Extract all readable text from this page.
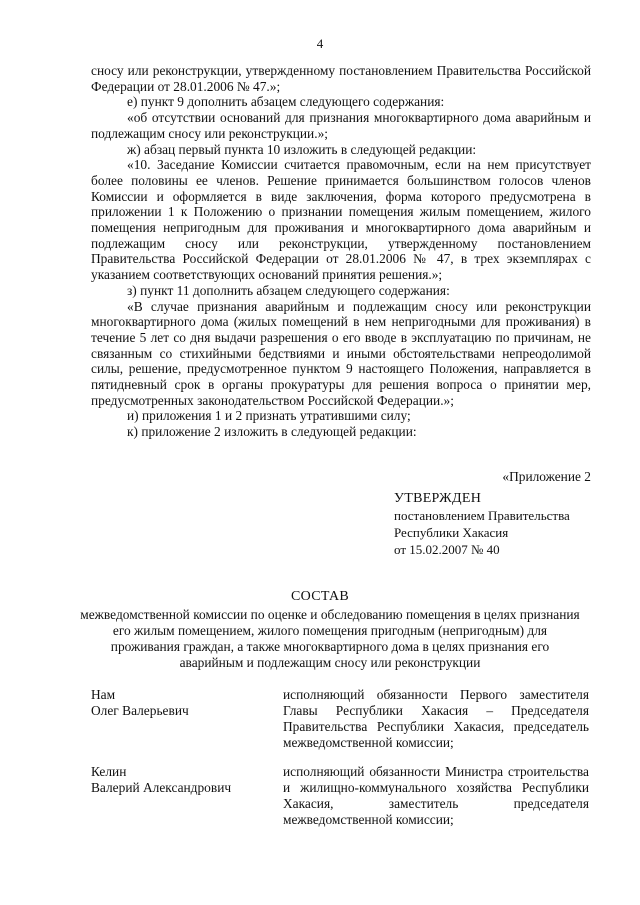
4

сносу или реконструкции, утвержденному постановлением Правительства Российской Федерации от 28.01.2006 № 47.»;

е) пункт 9 дополнить абзацем следующего содержания:

«об отсутствии оснований для признания многоквартирного дома аварийным и подлежащим сносу или реконструкции.»;

ж) абзац первый пункта 10 изложить в следующей редакции:

«10. Заседание Комиссии считается правомочным, если на нем присутствует более половины ее членов. Решение принимается большинством голосов членов Комиссии и оформляется в виде заключения, форма которого предусмотрена в приложении 1 к Положению о признании помещения жилым помещением, жилого помещения непригодным для проживания и многоквартирного дома аварийным и подлежащим сносу или реконструкции, утвержденному постановлением Правительства Российской Федерации от 28.01.2006 № 47, в трех экземплярах с указанием соответствующих оснований принятия решения.»;

з) пункт 11 дополнить абзацем следующего содержания:

«В случае признания аварийным и подлежащим сносу или реконструкции многоквартирного дома (жилых помещений в нем непригодными для проживания) в течение 5 лет со дня выдачи разрешения о его вводе в эксплуатацию по причинам, не связанным со стихийными бедствиями и иными обстоятельствами непреодолимой силы, решение, предусмотренное пунктом 9 настоящего Положения, направляется в пятидневный срок в органы прокуратуры для решения вопроса о принятии мер, предусмотренных законодательством Российской Федерации.»;

и) приложения 1 и 2 признать утратившими силу;

к) приложение 2 изложить в следующей редакции:

«Приложение 2
УТВЕРЖДЕН
постановлением Правительства
Республики Хакасия
от 15.02.2007 № 40
СОСТАВ

межведомственной комиссии по оценке и обследованию помещения в целях признания его жилым помещением, жилого помещения пригодным (непригодным) для проживания граждан, а также многоквартирного дома в целях признания его аварийным и подлежащим сносу или реконструкции

Нам
Олег Валерьевич

исполняющий обязанности Первого заместителя Главы Республики Хакасия – Председателя Правительства Республики Хакасия, председатель межведомственной комиссии;

Келин
Валерий Александрович

исполняющий обязанности Министра строительства и жилищно-коммунального хозяйства Республики Хакасия, заместитель председателя межведомственной комиссии;
